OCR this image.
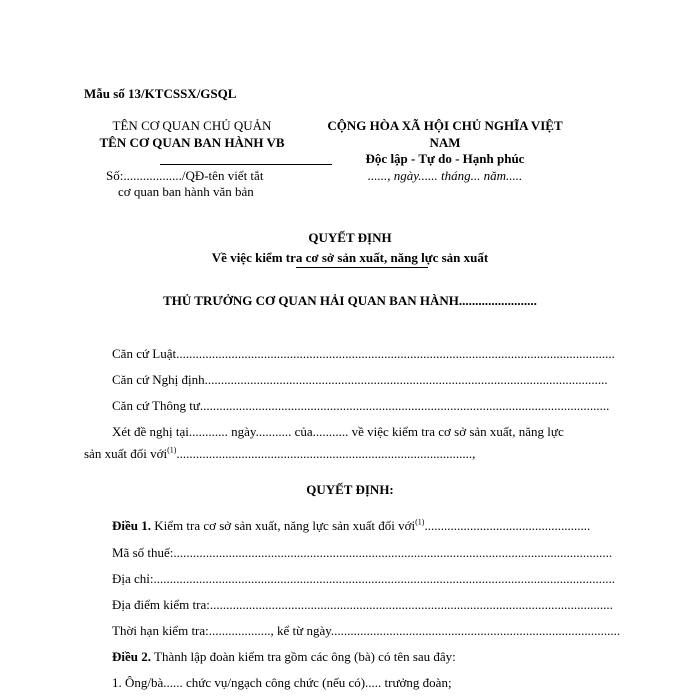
Mẫu số 13/KTCSSX/GSQL
TÊN CƠ QUAN CHỦ QUẢN
TÊN CƠ QUAN BAN HÀNH VB
Số:................../QĐ-tên viết tắt
cơ quan ban hành văn bản
CỘNG HÒA XÃ HỘI CHỦ NGHĨA VIỆT
NAM
Độc lập - Tự do - Hạnh phúc
......, ngày...... tháng... năm.....
QUYẾT ĐỊNH
Về việc kiểm tra cơ sở sản xuất, năng lực sản xuất
THỦ TRƯỞNG CƠ QUAN HẢI QUAN BAN HÀNH........................
Căn cứ Luật.......................................................................................................................................
Căn cứ Nghị định............................................................................................................................
Căn cứ Thông tư..............................................................................................................................
Xét đề nghị tại............ ngày........... của........... về việc kiểm tra cơ sở sản xuất, năng lực
sản xuất đối với$^{(1)}$...........................................................................................,
QUYẾT ĐỊNH:
Điều 1. Kiểm tra cơ sở sản xuất, năng lực sản xuất đối với$^{(1)}$...................................................
Mã số thuế:.......................................................................................................................................
Địa chỉ:..............................................................................................................................................
Địa điểm kiểm tra:............................................................................................................................
Thời hạn kiểm tra:..................., kể từ ngày.........................................................................................
Điều 2. Thành lập đoàn kiểm tra gồm các ông (bà) có tên sau đây:
1. Ông/bà...... chức vụ/ngạch công chức (nếu có)..... trưởng đoàn;
